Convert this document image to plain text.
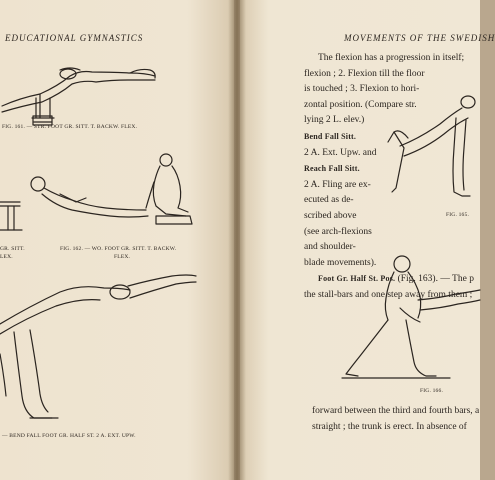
EDUCATIONAL GYMNASTICS
FIG. 161. — STR. FOOT GR. SITT. T. BACKW. FLEX.
GR. SITT.
LEX.
FIG. 162. — WO. FOOT GR. SITT. T. BACKW.
FLEX.
— BEND FALL FOOT GR. HALF ST. 2 A. EXT. UPW.
MOVEMENTS OF THE SWEDISH
The flexion has a progression in itself;
flexion ; 2. Flexion till the floor
is touched ; 3. Flexion to hori-
zontal position. (Compare str.
lying 2 L. elev.)
Bend Fall Sitt.
2 A. Ext. Upw. and
Reach Fall Sitt.
2 A. Fling are ex-
ecuted as de-
scribed above
(see arch-flexions
and shoulder-
blade movements).
Foot Gr. Half St. Pos. (Fig. 163). — The p
the stall-bars and one step away from them ;
FIG. 165.
FIG. 166.
forward between the third and fourth bars, a
straight ; the trunk is erect. In absence of
